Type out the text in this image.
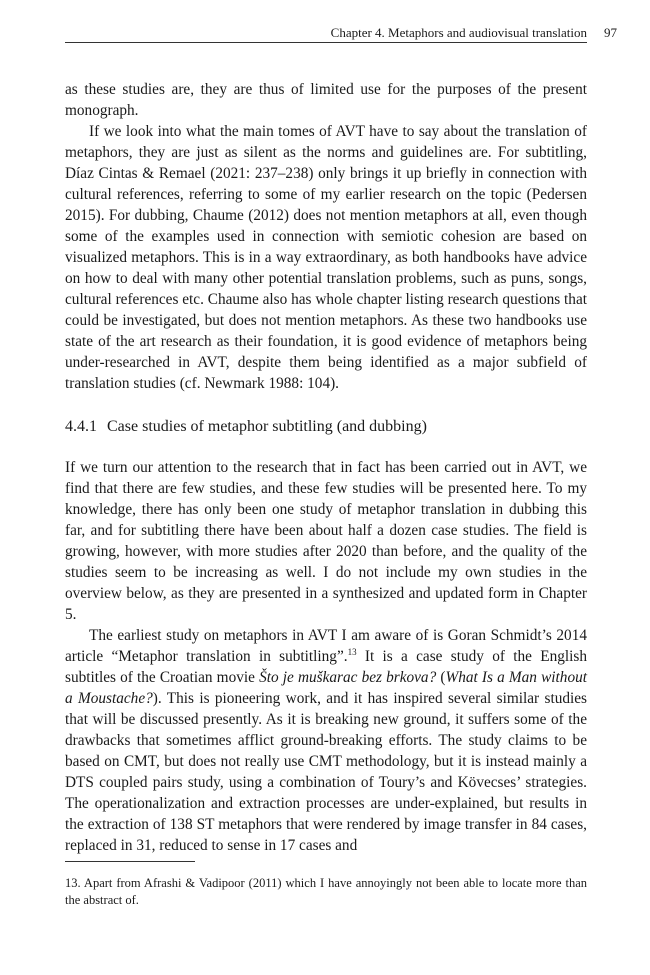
Chapter 4. Metaphors and audiovisual translation 97

as these studies are, they are thus of limited use for the purposes of the present monograph.

If we look into what the main tomes of AVT have to say about the translation of metaphors, they are just as silent as the norms and guidelines are. For subtitling, Díaz Cintas & Remael (2021: 237–238) only brings it up briefly in connection with cultural references, referring to some of my earlier research on the topic (Pedersen 2015). For dubbing, Chaume (2012) does not mention metaphors at all, even though some of the examples used in connection with semiotic cohesion are based on visualized metaphors. This is in a way extraordinary, as both handbooks have advice on how to deal with many other potential translation problems, such as puns, songs, cultural references etc. Chaume also has whole chapter listing research questions that could be investigated, but does not mention metaphors. As these two handbooks use state of the art research as their foundation, it is good evidence of metaphors being under-researched in AVT, despite them being identified as a major subfield of translation studies (cf. Newmark 1988: 104).

4.4.1 Case studies of metaphor subtitling (and dubbing)

If we turn our attention to the research that in fact has been carried out in AVT, we find that there are few studies, and these few studies will be presented here. To my knowledge, there has only been one study of metaphor translation in dubbing this far, and for subtitling there have been about half a dozen case studies. The field is growing, however, with more studies after 2020 than before, and the quality of the studies seem to be increasing as well. I do not include my own studies in the overview below, as they are presented in a synthesized and updated form in Chapter 5.

The earliest study on metaphors in AVT I am aware of is Goran Schmidt’s 2014 article “Metaphor translation in subtitling”.$^{13}$ It is a case study of the English subtitles of the Croatian movie Što je muškarac bez brkova? (What Is a Man without a Moustache?). This is pioneering work, and it has inspired several similar studies that will be discussed presently. As it is breaking new ground, it suffers some of the drawbacks that sometimes afflict ground-breaking efforts. The study claims to be based on CMT, but does not really use CMT methodology, but it is instead mainly a DTS coupled pairs study, using a combination of Toury’s and Kövecses’ strategies. The operationalization and extraction processes are under-explained, but results in the extraction of 138 ST metaphors that were rendered by image transfer in 84 cases, replaced in 31, reduced to sense in 17 cases and

13. Apart from Afrashi & Vadipoor (2011) which I have annoyingly not been able to locate more than the abstract of.
